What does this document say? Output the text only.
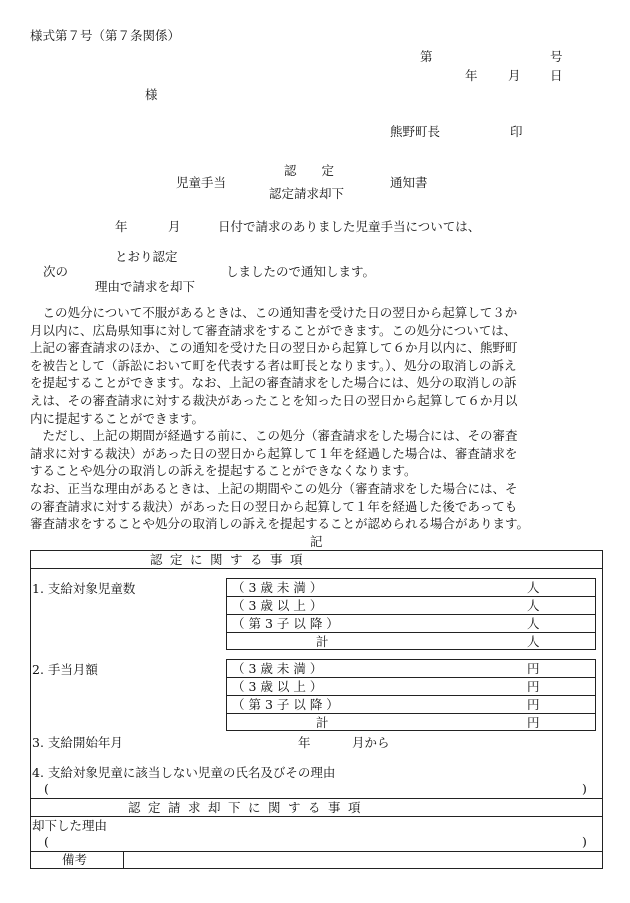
様式第７号（第７条関係）
第	号
年 月 日
様
熊野町長	印
認　　定
児童手当	通知書
認定請求却下
年	月	日付で請求のありました児童手当については、
とおり認定
次の	しましたので通知します。
理由で請求を却下
　この処分について不服があるときは、この通知書を受けた日の翌日から起算して３か
月以内に、広島県知事に対して審査請求をすることができます。この処分については、
上記の審査請求のほか、この通知を受けた日の翌日から起算して６か月以内に、熊野町
を被告として（訴訟において町を代表する者は町長となります。）、処分の取消しの訴え
を提起することができます。なお、上記の審査請求をした場合には、処分の取消しの訴
えは、その審査請求に対する裁決があったことを知った日の翌日から起算して６か月以
内に提起することができます。
　ただし、上記の期間が経過する前に、この処分（審査請求をした場合には、その審査
請求に対する裁決）があった日の翌日から起算して１年を経過した場合は、審査請求を
することや処分の取消しの訴えを提起することができなくなります。
なお、正当な理由があるときは、上記の期間やこの処分（審査請求をした場合には、そ
の審査請求に対する裁決）があった日の翌日から起算して１年を経過した後であっても
審査請求をすることや処分の取消しの訴えを提起することが認められる場合があります。
記
認定に関する事項
1. 支給対象児童数	（ 3 歳 未 満 ）	人
（ 3 歳 以 上 ）	人
（ 第 3 子 以 降 ）	人
計	人
2. 手当月額	（ 3 歳 未 満 ）	円
（ 3 歳 以 上 ）	円
（ 第 3 子 以 降 ）	円
計	円
3. 支給開始年月	年	月から
4. 支給対象児童に該当しない児童の氏名及びその理由
(	)
認定請求却下に関する事項
却下した理由
(	)
備考
